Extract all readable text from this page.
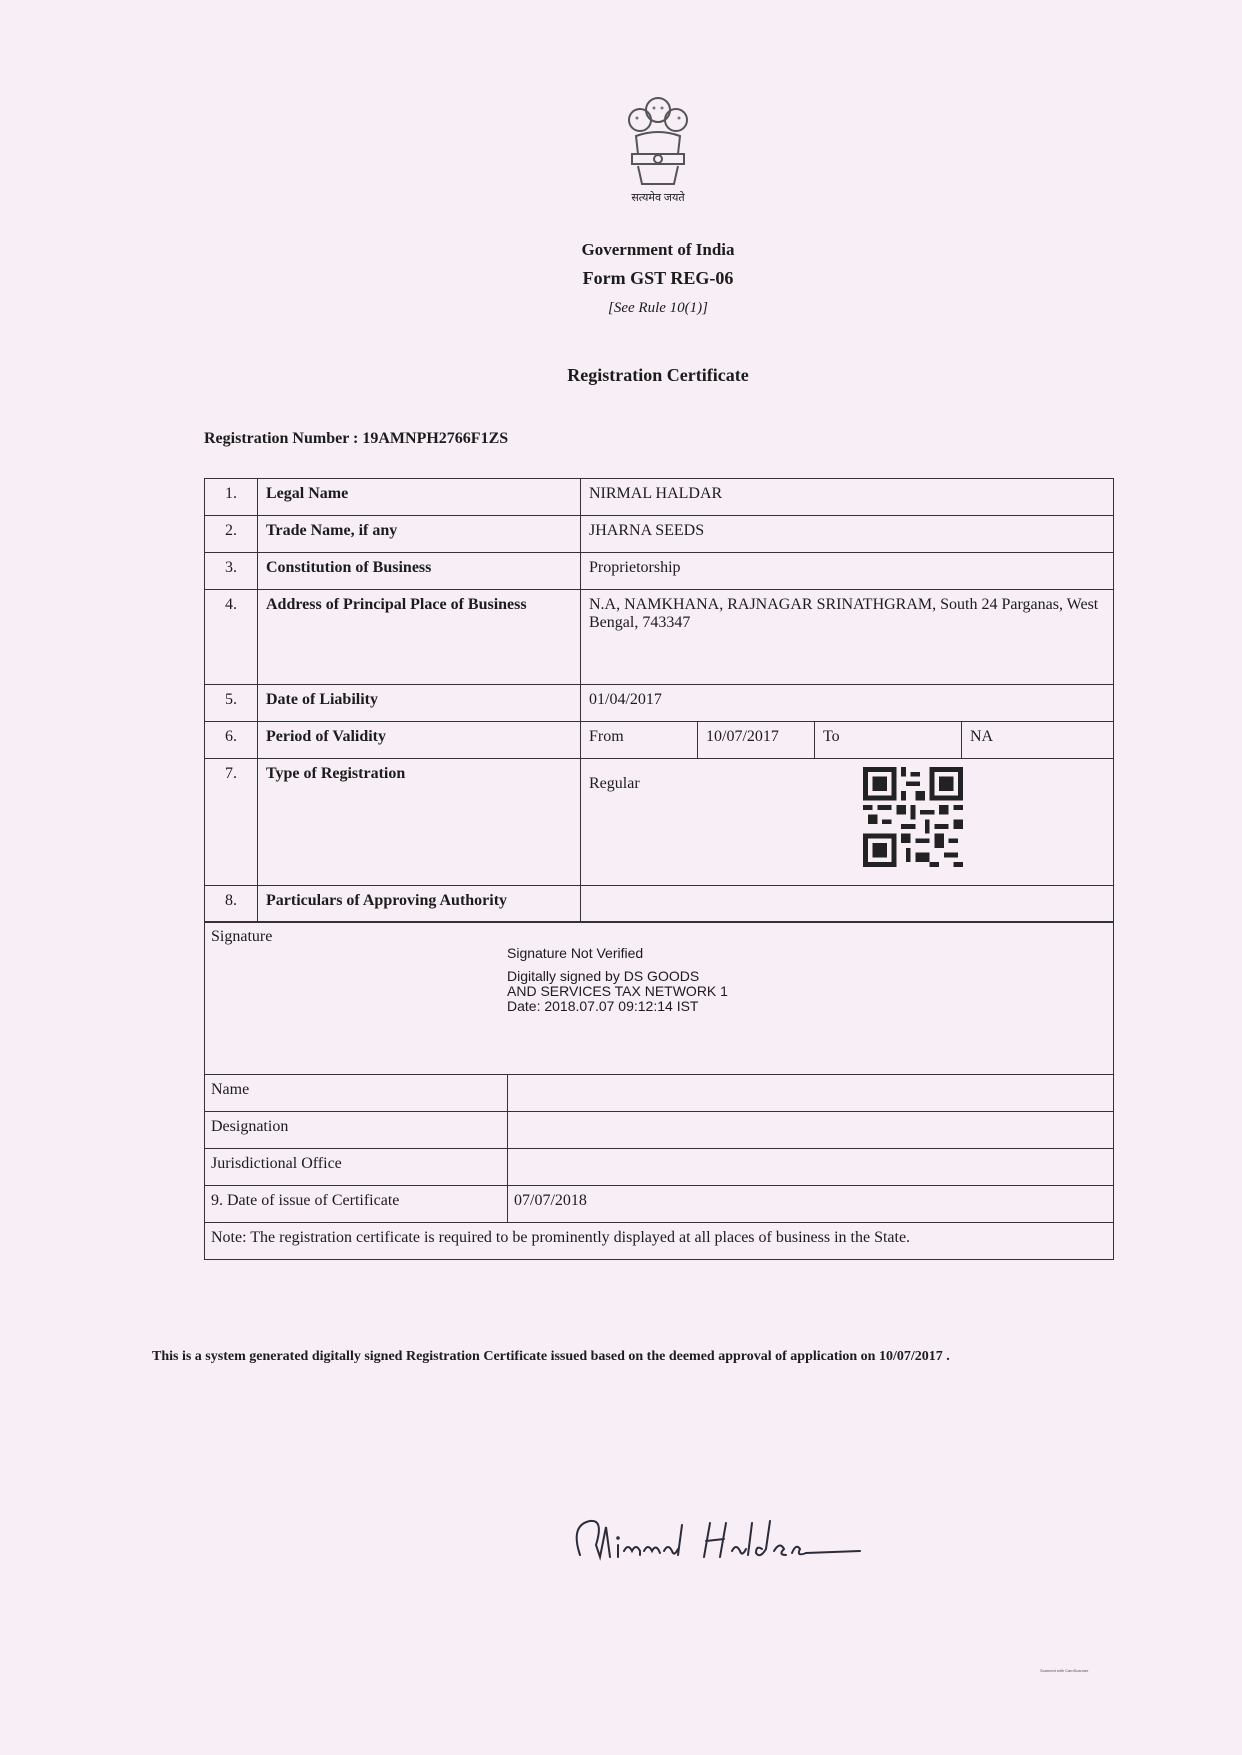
सत्यमेव जयते
Government of India
Form GST REG-06
[See Rule 10(1)]
Registration Certificate
Registration Number : 19AMNPH2766F1ZS
1.	Legal Name	NIRMAL HALDAR			
2.	Trade Name, if any	JHARNA SEEDS			
3.	Constitution of Business	Proprietorship			
4.	Address of Principal Place of Business	N.A, NAMKHANA, RAJNAGAR SRINATHGRAM, South 24 Parganas, West Bengal, 743347			
5.	Date of Liability	01/04/2017			
6.	Period of Validity	From	10/07/2017	To	NA
7.	Type of Registration	Regular			

8.	Particulars of Approving Authority				
Signature
Signature Not Verified
Digitally signed by DS GOODS
AND SERVICES TAX NETWORK 1
Date: 2018.07.07 09:12:14 IST	

Name	
Designation	
Jurisdictional Office	
9. Date of issue of Certificate	07/07/2018
Note: The registration certificate is required to be prominently displayed at all places of business in the State.	
This is a system generated digitally signed Registration Certificate issued based on the deemed approval of application on 10/07/2017 .
Scanned with CamScanner
